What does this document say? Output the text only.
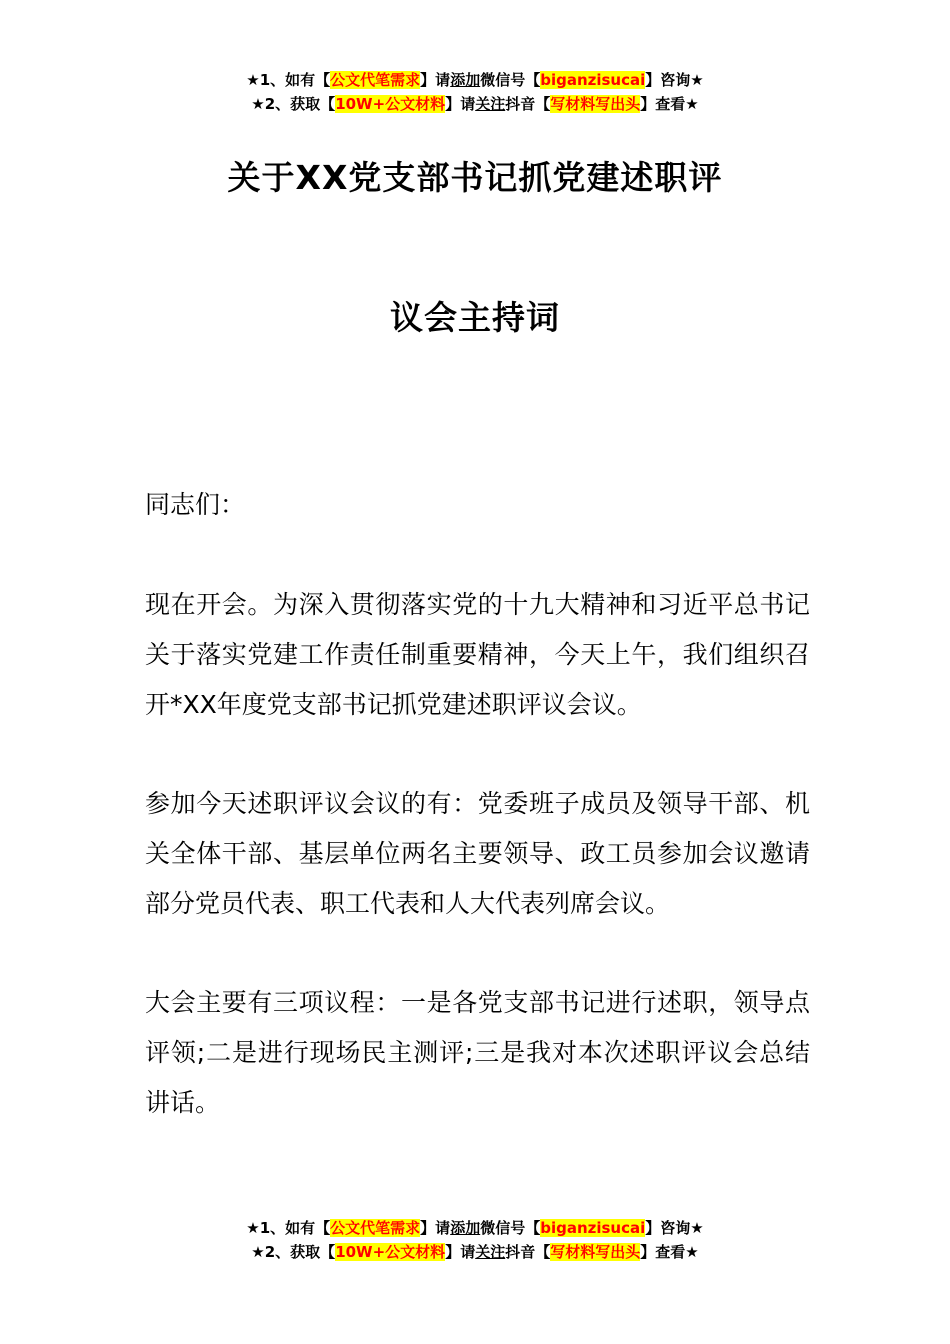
★1、如有【公文代笔需求】请添加微信号【biganzisucai】咨询★
★2、获取【10W+公文材料】请关注抖音【写材料写出头】查看★
关于XX党支部书记抓党建述职评
议会主持词
同志们：
现在开会。为深入贯彻落实党的十九大精神和习近平总书记关于落实党建工作责任制重要精神，今天上午，我们组织召开*XX年度党支部书记抓党建述职评议会议。
参加今天述职评议会议的有：党委班子成员及领导干部、机关全体干部、基层单位两名主要领导、政工员参加会议邀请部分党员代表、职工代表和人大代表列席会议。
大会主要有三项议程：一是各党支部书记进行述职，领导点评领;二是进行现场民主测评;三是我对本次述职评议会总结讲话。
★1、如有【公文代笔需求】请添加微信号【biganzisucai】咨询★
★2、获取【10W+公文材料】请关注抖音【写材料写出头】查看★
